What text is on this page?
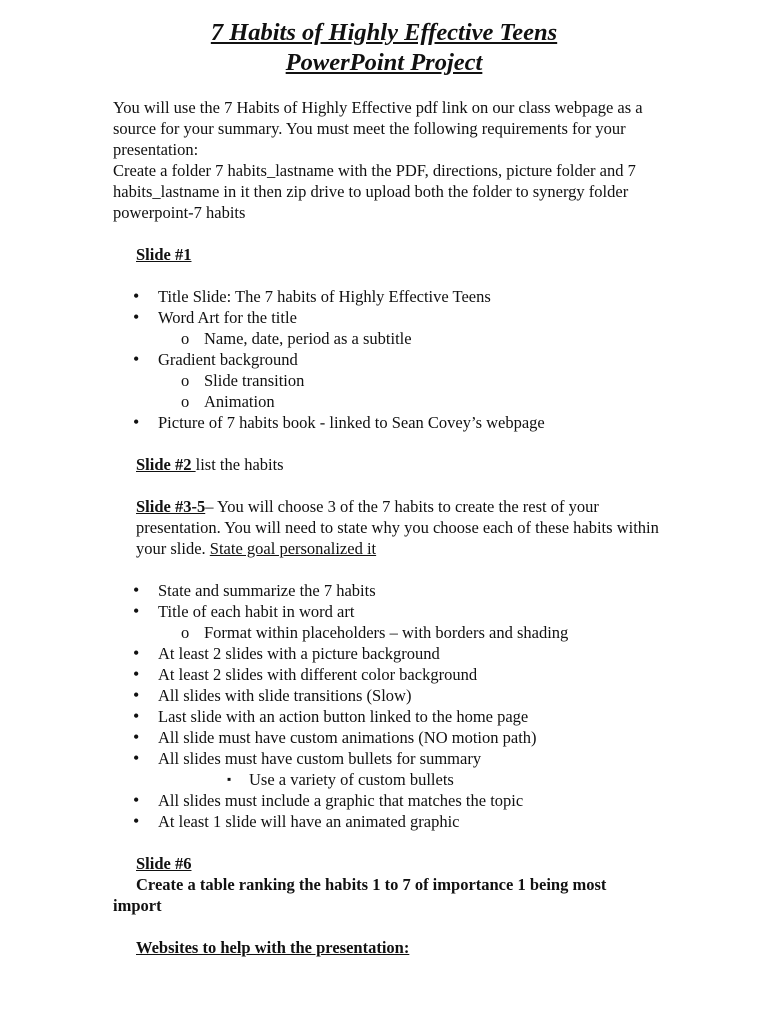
7 Habits of Highly Effective Teens
PowerPoint Project
You will use the 7 Habits of Highly Effective pdf link on our class webpage as a source for your summary. You must meet the following requirements for your presentation:
Create a folder 7 habits_lastname with the PDF, directions, picture folder and 7 habits_lastname in it then zip drive to upload both the folder to synergy folder powerpoint-7 habits
Slide #1
• Title Slide: The 7 habits of Highly Effective Teens
• Word Art for the title
o Name, date, period as a subtitle
• Gradient background
o Slide transition
o Animation
• Picture of 7 habits book - linked to Sean Covey’s webpage
Slide #2 list the habits
Slide #3-5– You will choose 3 of the 7 habits to create the rest of your presentation. You will need to state why you choose each of these habits within your slide. State goal personalized it
• State and summarize the 7 habits
• Title of each habit in word art
o Format within placeholders – with borders and shading
• At least 2 slides with a picture background
• At least 2 slides with different color background
• All slides with slide transitions (Slow)
• Last slide with an action button linked to the home page
• All slide must have custom animations (NO motion path)
• All slides must have custom bullets for summary
▪ Use a variety of custom bullets
• All slides must include a graphic that matches the topic
• At least 1 slide will have an animated graphic
Slide #6
Create a table ranking the habits 1 to 7 of importance 1 being most
import
Websites to help with the presentation:
